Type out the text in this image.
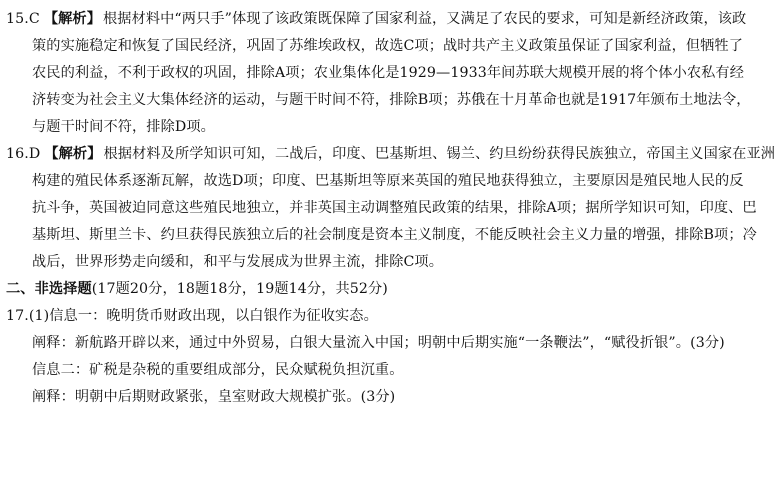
15.C 【解析】 根据材料中“两只手”体现了该政策既保障了国家利益，又满足了农民的要求，可知是新经济政策，该政
策的实施稳定和恢复了国民经济，巩固了苏维埃政权，故选C项；战时共产主义政策虽保证了国家利益，但牺牲了
农民的利益，不利于政权的巩固，排除A项；农业集体化是1929—1933年间苏联大规模开展的将个体小农私有经
济转变为社会主义大集体经济的运动，与题干时间不符，排除B项；苏俄在十月革命也就是1917年颁布土地法令，
与题干时间不符，排除D项。
16.D 【解析】 根据材料及所学知识可知，二战后，印度、巴基斯坦、锡兰、约旦纷纷获得民族独立，帝国主义国家在亚洲
构建的殖民体系逐渐瓦解，故选D项；印度、巴基斯坦等原来英国的殖民地获得独立，主要原因是殖民地人民的反
抗斗争，英国被迫同意这些殖民地独立，并非英国主动调整殖民政策的结果，排除A项；据所学知识可知，印度、巴
基斯坦、斯里兰卡、约旦获得民族独立后的社会制度是资本主义制度，不能反映社会主义力量的增强，排除B项；冷
战后，世界形势走向缓和，和平与发展成为世界主流，排除C项。
二、非选择题(17题20分，18题18分，19题14分，共52分)
17.(1)信息一：晚明货币财政出现，以白银作为征收实态。
阐释：新航路开辟以来，通过中外贸易，白银大量流入中国；明朝中后期实施“一条鞭法”，“赋役折银”。(3分)
信息二：矿税是杂税的重要组成部分，民众赋税负担沉重。
阐释：明朝中后期财政紧张，皇室财政大规模扩张。(3分)
